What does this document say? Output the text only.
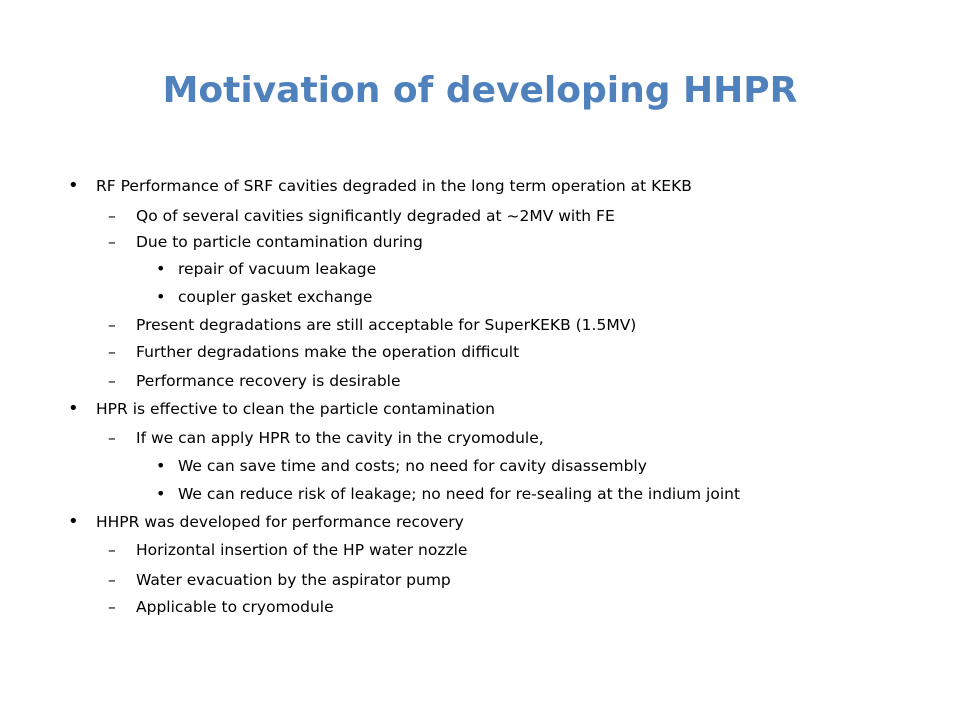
Motivation of developing HHPR
• RF Performance of SRF cavities degraded in the long term operation at KEKB
– Qo of several cavities significantly degraded at ~2MV with FE
– Due to particle contamination during
• repair of vacuum leakage
• coupler gasket exchange
– Present degradations are still acceptable for SuperKEKB (1.5MV)
– Further degradations make the operation difficult
– Performance recovery is desirable
• HPR is effective to clean the particle contamination
– If we can apply HPR to the cavity in the cryomodule,
• We can save time and costs; no need for cavity disassembly
• We can reduce risk of leakage; no need for re-sealing at the indium joint
• HHPR was developed for performance recovery
– Horizontal insertion of the HP water nozzle
– Water evacuation by the aspirator pump
– Applicable to cryomodule
